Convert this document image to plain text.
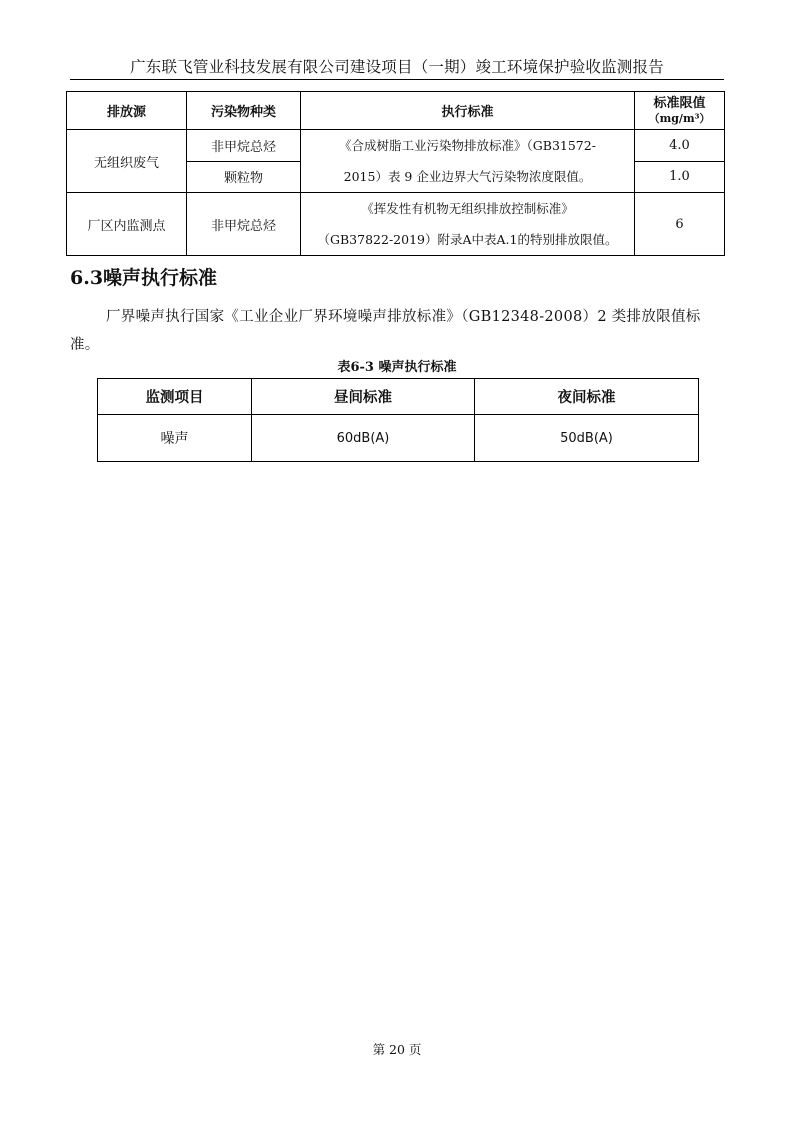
广东联飞管业科技发展有限公司建设项目（一期）竣工环境保护验收监测报告
排放源	污染物种类	执行标准	标准限值
（mg/m³）

无组织废气	非甲烷总烃	《合成树脂工业污染物排放标准》（GB31572-
2015）表 9 企业边界大气污染物浓度限值。	4.0
	颗粒物		1.0
厂区内监测点	非甲烷总烃	《挥发性有机物无组织排放控制标准》
（GB37822-2019）附录A中表A.1的特别排放限值。	6
6.3噪声执行标准
厂界噪声执行国家《工业企业厂界环境噪声排放标准》（GB12348-2008）2 类排放限值标准。
表6-3 噪声执行标准
监测项目	昼间标准	夜间标准
噪声	60dB(A)	50dB(A)
第 20 页
